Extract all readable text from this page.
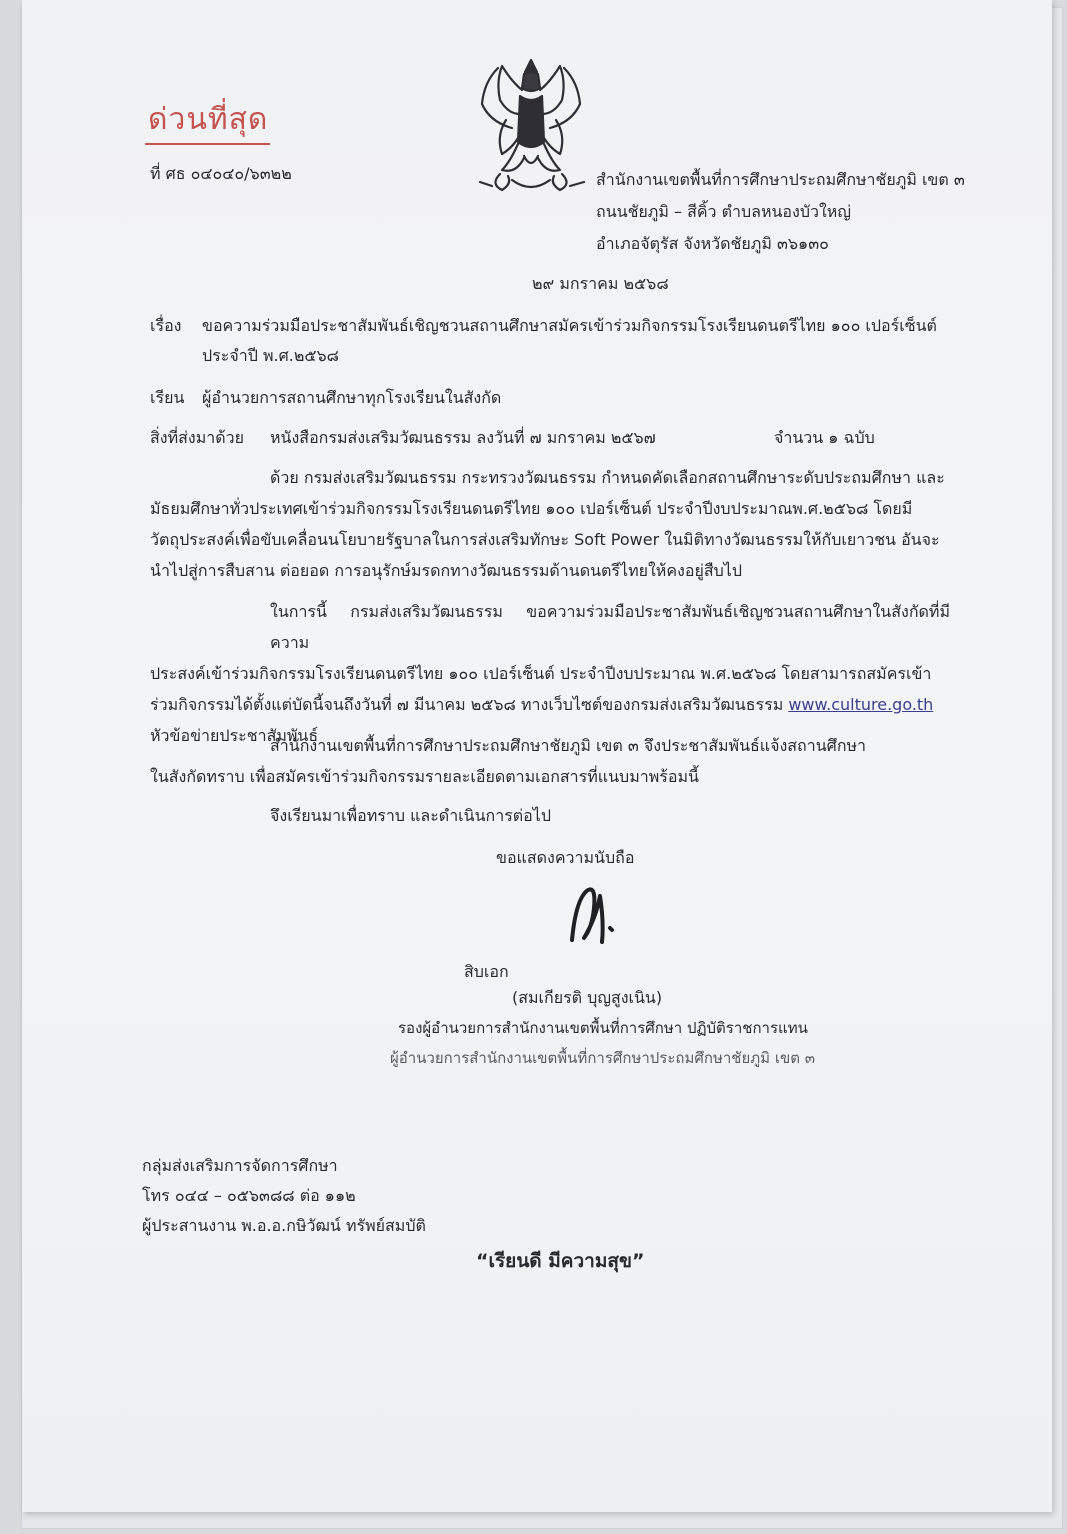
ด่วนที่สุด
ที่ ศธ ๐๔๐๔๐/๖๓๒๒	สำนักงานเขตพื้นที่การศึกษาประถมศึกษาชัยภูมิ เขต ๓
ถนนชัยภูมิ – สีคิ้ว ตำบลหนองบัวใหญ่
อำเภอจัตุรัส จังหวัดชัยภูมิ ๓๖๑๓๐
๒๙ มกราคม ๒๕๖๘
เรื่อง ขอความร่วมมือประชาสัมพันธ์เชิญชวนสถานศึกษาสมัครเข้าร่วมกิจกรรมโรงเรียนดนตรีไทย ๑๐๐ เปอร์เซ็นต์
ประจำปี พ.ศ.๒๕๖๘
เรียน ผู้อำนวยการสถานศึกษาทุกโรงเรียนในสังกัด
สิ่งที่ส่งมาด้วย หนังสือกรมส่งเสริมวัฒนธรรม ลงวันที่ ๗ มกราคม ๒๕๖๗	จำนวน ๑ ฉบับ

ด้วย กรมส่งเสริมวัฒนธรรม กระทรวงวัฒนธรรม กำหนดคัดเลือกสถานศึกษาระดับประถมศึกษา และ

มัธยมศึกษาทั่วประเทศเข้าร่วมกิจกรรมโรงเรียนดนตรีไทย ๑๐๐ เปอร์เซ็นต์ ประจำปีงบประมาณพ.ศ.๒๕๖๘ โดยมี

วัตถุประสงค์เพื่อขับเคลื่อนนโยบายรัฐบาลในการส่งเสริมทักษะ Soft Power ในมิติทางวัฒนธรรมให้กับเยาวชน อันจะ

นำไปสู่การสืบสาน ต่อยอด การอนุรักษ์มรดกทางวัฒนธรรมด้านดนตรีไทยให้คงอยู่สืบไป

ในการนี้ กรมส่งเสริมวัฒนธรรม ขอความร่วมมือประชาสัมพันธ์เชิญชวนสถานศึกษาในสังกัดที่มีความ

ประสงค์เข้าร่วมกิจกรรมโรงเรียนดนตรีไทย ๑๐๐ เปอร์เซ็นต์ ประจำปีงบประมาณ พ.ศ.๒๕๖๘ โดยสามารถสมัครเข้า

ร่วมกิจกรรมได้ตั้งแต่บัดนี้จนถึงวันที่ ๗ มีนาคม ๒๕๖๘ ทางเว็บไซต์ของกรมส่งเสริมวัฒนธรรม www.culture.go.th

หัวข้อข่ายประชาสัมพันธ์

สำนักงานเขตพื้นที่การศึกษาประถมศึกษาชัยภูมิ เขต ๓ จึงประชาสัมพันธ์แจ้งสถานศึกษา

ในสังกัดทราบ เพื่อสมัครเข้าร่วมกิจกรรมรายละเอียดตามเอกสารที่แนบมาพร้อมนี้

จึงเรียนมาเพื่อทราบ และดำเนินการต่อไป
ขอแสดงความนับถือ
สิบเอก
(สมเกียรติ บุญสูงเนิน)
รองผู้อำนวยการสำนักงานเขตพื้นที่การศึกษา ปฏิบัติราชการแทน
ผู้อำนวยการสำนักงานเขตพื้นที่การศึกษาประถมศึกษาชัยภูมิ เขต ๓
กลุ่มส่งเสริมการจัดการศึกษา
โทร ๐๔๔ – ๐๕๖๓๘๘ ต่อ ๑๑๒
ผู้ประสานงาน พ.อ.อ.กษิวัฒน์ ทรัพย์สมบัติ
“เรียนดี มีความสุข”
